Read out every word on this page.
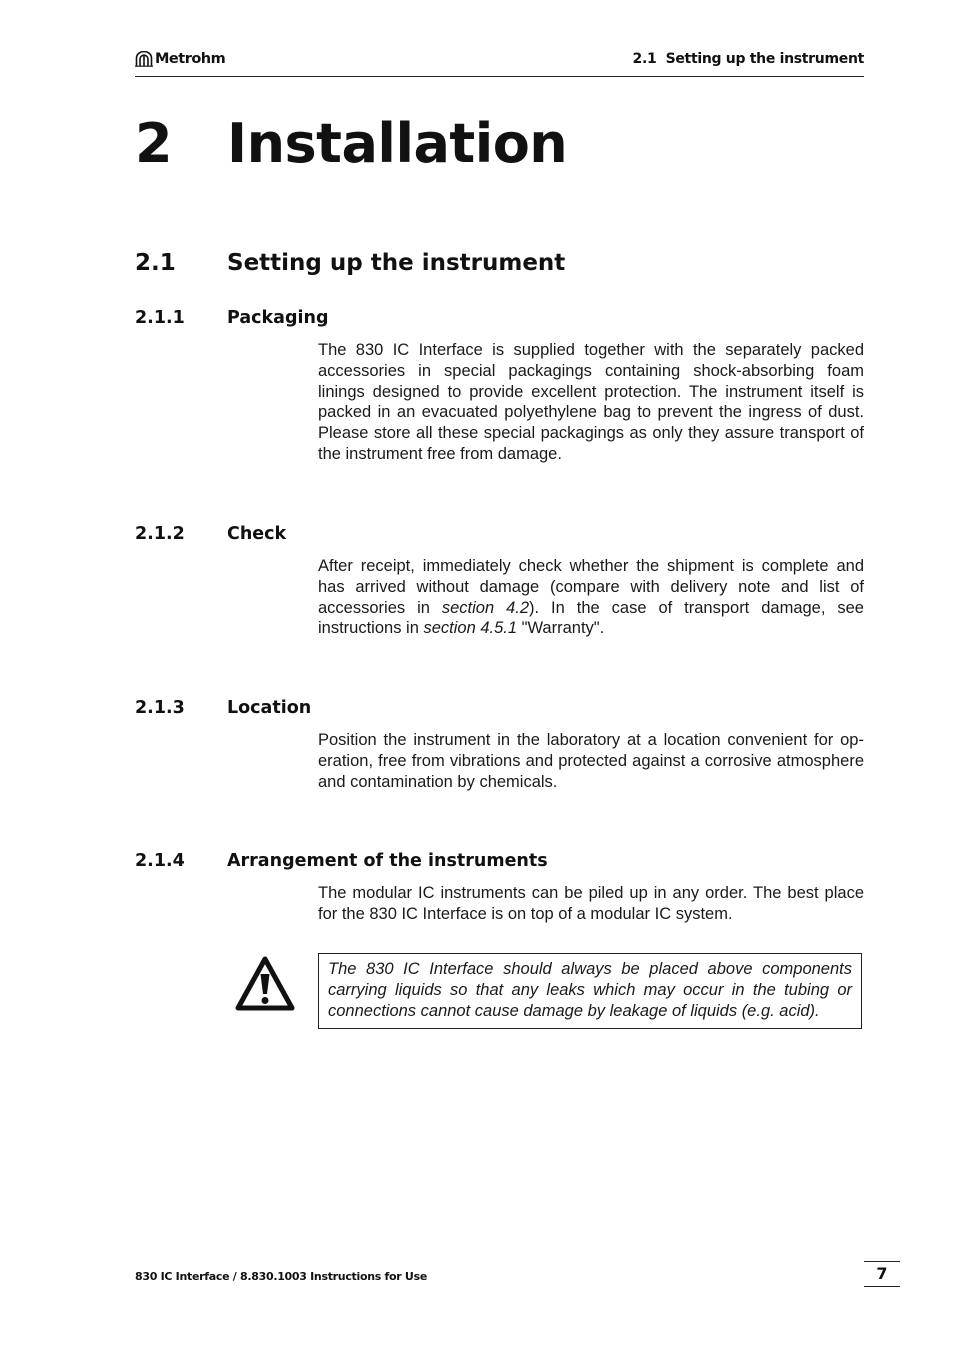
Metrohm	2.1  Setting up the instrument
2 Installation
2.1 Setting up the instrument
2.1.1 Packaging

The 830 IC Interface is supplied together with the separately packed accessories in special packagings containing shock-absorbing foam linings designed to provide excellent protection. The instrument itself is packed in an evacuated polyethylene bag to prevent the ingress of dust. Please store all these special packagings as only they assure transport of the instrument free from damage.

2.1.2 Check

After receipt, immediately check whether the shipment is complete and has arrived without damage (compare with delivery note and list of accessories in section 4.2). In the case of transport damage, see instructions in section 4.5.1 "Warranty".

2.1.3 Location

Position the instrument in the laboratory at a location convenient for operation, free from vibrations and protected against a corrosive atmosphere and contamination by chemicals.

2.1.4 Arrangement of the instruments

The modular IC instruments can be piled up in any order. The best place for the 830 IC Interface is on top of a modular IC system.

The 830 IC Interface should always be placed above components carrying liquids so that any leaks which may occur in the tubing or connections cannot cause damage by leakage of liquids (e.g. acid).

830 IC Interface / 8.830.1003 Instructions for Use	7
